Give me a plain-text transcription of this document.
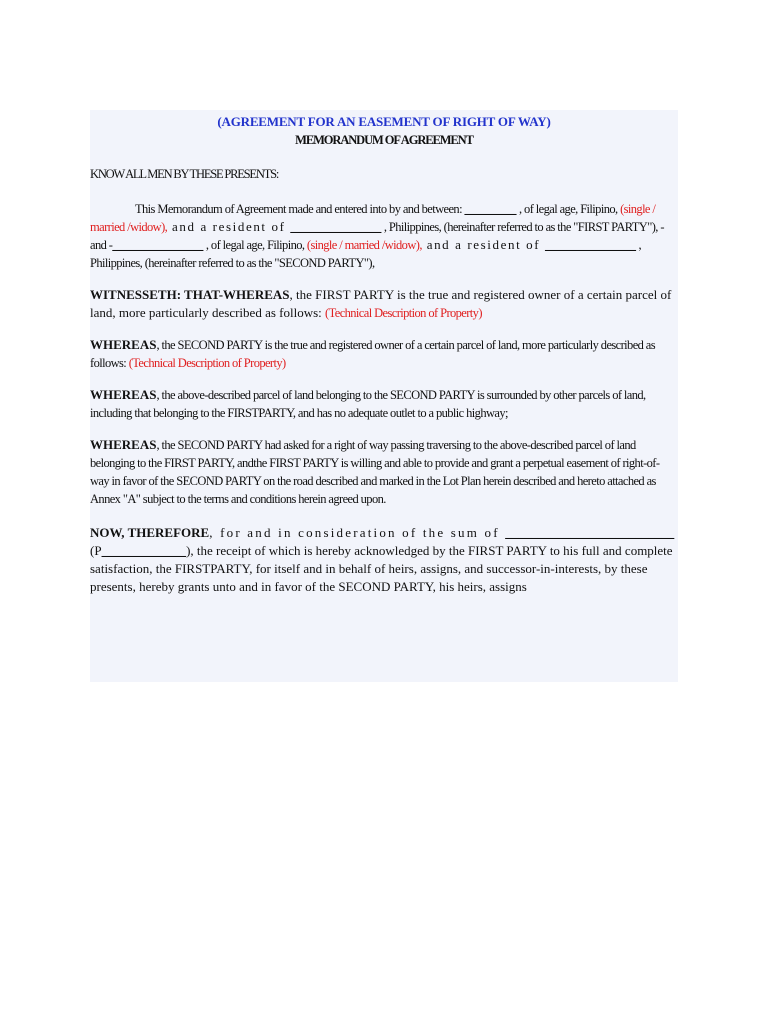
(AGREEMENT FOR AN EASEMENT OF RIGHT OF WAY)
MEMORANDUM OF AGREEMENT
KNOW ALL MEN BY THESE PRESENTS:
This Memorandum of Agreement made and entered into by and between: ________ , of legal age, Filipino, (single / married /widow), and a resident of ______________ , Philippines, (hereinafter referred to as the "FIRST PARTY"), - and -______________ , of legal age, Filipino, (single / married /widow), and a resident of ______________ , Philippines, (hereinafter referred to as the "SECOND PARTY"),
WITNESSETH: THAT-WHEREAS, the FIRST PARTY is the true and registered owner of a certain parcel of land, more particularly described as follows: (Technical Description of Property)
WHEREAS, the SECOND PARTY is the true and registered owner of a certain parcel of land, more particularly described as follows: (Technical Description of Property)
WHEREAS, the above-described parcel of land belonging to the SECOND PARTY is surrounded by other parcels of land, including that belonging to the FIRSTPARTY, and has no adequate outlet to a public highway;
WHEREAS, the SECOND PARTY had asked for a right of way passing traversing to the above-described parcel of land belonging to the FIRST PARTY, andthe FIRST PARTY is willing and able to provide and grant a perpetual easement of right-of-way in favor of the SECOND PARTY on the road described and marked in the Lot Plan herein described and hereto attached as Annex "A" subject to the terms and conditions herein agreed upon.
NOW, THEREFORE, for and in consideration of the sum of __________________________ (P_____________), the receipt of which is hereby acknowledged by the FIRST PARTY to his full and complete satisfaction, the FIRSTPARTY, for itself and in behalf of heirs, assigns, and successor-in-interests, by these presents, hereby grants unto and in favor of the SECOND PARTY, his heirs, assigns
